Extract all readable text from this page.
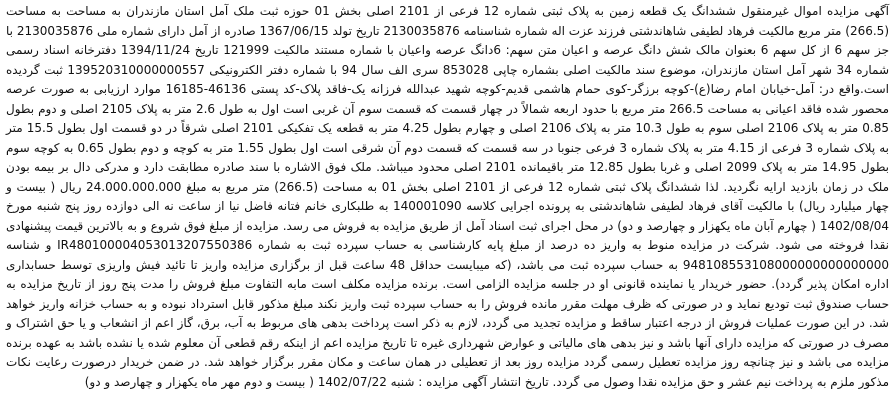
آگهی مزایده اموال غیرمنقول ششدانگ یک قطعه زمین به پلاک ثبتی شماره 12 فرعی از 2101 اصلی بخش 01 حوزه ثبت ملک آمل استان مازندران به مساحت به مساحت (266.5) متر مربع مالکیت فرهاد لطیفی شاهاندشتی فرزند عزت اله شماره شناسنامه 2130035876 تاریخ تولد 1367/06/15 صادره از آمل دارای شماره ملی 2130035876 با جز سهم 6 از کل سهم 6 بعنوان مالک شش دانگ عرصه و اعیان متن سهم: 6دانگ عرصه واعیان با شماره مستند مالکیت 121999 تاریخ 1394/11/24 دفترخانه اسناد رسمی شماره 34 شهر آمل استان مازندران، موضوع سند مالکیت اصلی بشماره چاپی 853028 سری الف سال 94 با شماره دفتر الکترونیکی 139520310000000557 ثبت گردیده است.واقع در: آمل-خیابان امام رضا(ع)-کوچه برزگر-کوی حمام هاشمی قدیم-کوچه شهید عبدالله فرزانه یک-فاقد پلاک-کد پستی 46136-16185 موارد ارزیابی به صورت عرصه محصور شده فاقد اعیانی به مساحت 266.5 متر مربع با حدود اربعه شمالاً در چهار قسمت که قسمت سوم آن غربی است اول به طول 2.6 متر به پلاک 2105 اصلی و دوم بطول 0.85 متر به پلاک 2106 اصلی سوم به طول 10.3 متر به پلاک 2106 اصلی و چهارم بطول 4.25 متر به قطعه یک تفکیکی 2101 اصلی شرقاً در دو قسمت اول بطول 15.5 متر به پلاک شماره 3 فرعی از 4.15 متر به پلاک شماره 3 فرعی جنوبا در سه قسمت که قسمت دوم آن شرقی است اول بطول 1.55 متر به کوچه و دوم بطول 0.65 به کوچه سوم بطول 14.95 متر به پلاک 2099 اصلی و غربا بطول 12.85 متر باقیمانده 2101 اصلی محدود میباشد. ملک فوق الاشاره با سند صادره مطابقت دارد و مدرکی دال بر بیمه بودن ملک در زمان بازدید ارایه نگردید. لذا ششدانگ پلاک ثبتی شماره 12 فرعی از 2101 اصلی بخش 01 به مساحت (266.5) متر مربع به مبلغ 24.000.000.000 ریال ( بیست و چهار میلیارد ریال) با مالکیت آقای فرهاد لطیفی شاهاندشتی به پرونده اجرایی کلاسه 140001090 به طلبکاری خانم فتانه فاضل نیا از ساعت نه الی دوازده روز پنج شنبه مورخ 1402/08/04 ( چهارم آبان ماه یکهزار و چهارصد و دو) در محل اجرای ثبت اسناد آمل از طریق مزایده به فروش می رسد. مزایده از مبلغ فوق شروع و به بالاترین قیمت پیشنهادی نقدا فروخته می شود. شرکت در مزایده منوط به واریز ده درصد از مبلغ پایه کارشناسی به حساب سپرده ثبت به شماره IR480100004053013207550386 و شناسه 948108553108000000000000000 به حساب سپرده ثبت می باشد، (که میبایست حداقل 48 ساعت قبل از برگزاری مزایده واریز تا تائید فیش واریزی توسط حسابداری اداره امکان پذیر گردد). حضور خریدار یا نماینده قانونی او در جلسه مزایده الزامی است. برنده مزایده مکلف است مابه التفاوت مبلغ فروش را مدت پنج روز از تاریخ مزایده به حساب صندوق ثبت تودیع نماید و در صورتی که ظرف مهلت مقرر مانده فروش را به حساب سپرده ثبت واریز نکند مبلغ مذکور قابل استرداد نبوده و به حساب خزانه واریز خواهد شد. در این صورت عملیات فروش از درجه اعتبار ساقط و مزایده تجدید می گردد، لازم به ذکر است پرداخت بدهی های مربوط به آب، برق، گاز اعم از انشعاب و یا حق اشتراک و مصرف در صورتی که مزایده دارای آنها باشد و نیز بدهی های مالیاتی و عوارض شهرداری غیره تا تاریخ مزایده اعم از اینکه رقم قطعی آن معلوم شده یا نشده باشد به عهده برنده مزایده می باشد و نیز چنانچه روز مزایده تعطیل رسمی گردد مزایده روز بعد از تعطیلی در همان ساعت و مکان مقرر برگزار خواهد شد. در ضمن خریدار درصورت رعایت نکات مذکور ملزم به پرداخت نیم عشر و حق مزایده نقدا وصول می گردد. تاریخ انتشار آگهی مزایده : شنبه 1402/07/22 ( بیست و دوم مهر ماه یکهزار و چهارصد و دو)
